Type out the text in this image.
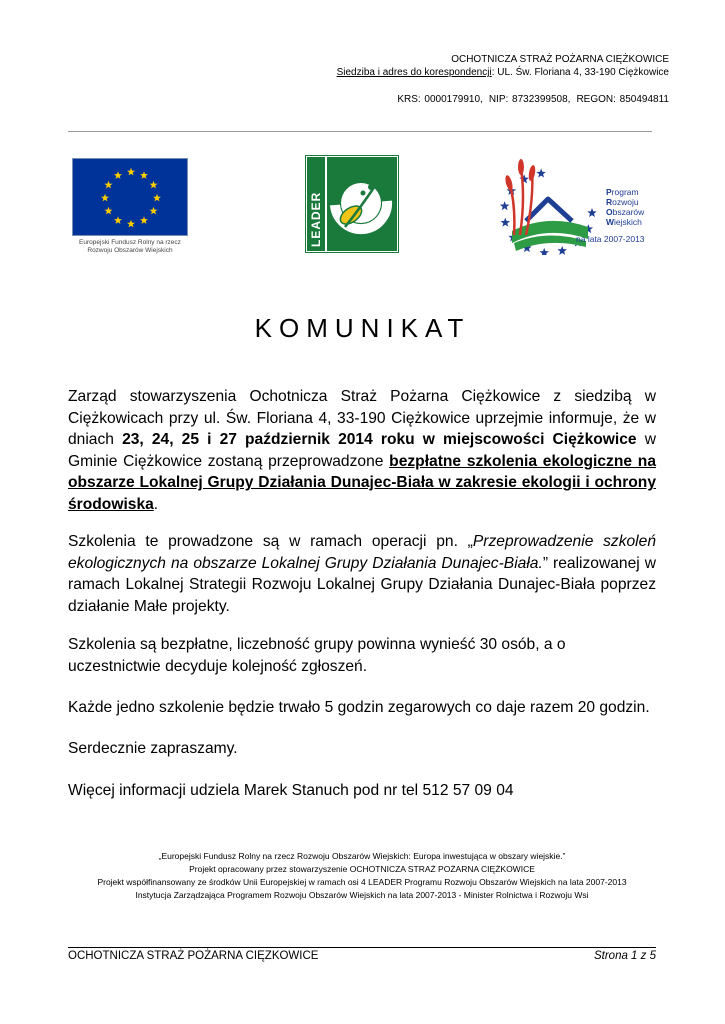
OCHOTNICZA STRAŻ POŻARNA CIĘŻKOWICE
Siedziba i adres do korespondencji: UL. Św. Floriana 4, 33-190 Ciężkowice
KRS: 0000179910, NIP: 8732399508, REGON: 850494811
Europejski Fundusz Rolny na rzecz
Rozwoju Obszarów Wiejskich
LEADER	Program
Rozwoju
Obszarów
Wiejskich
na lata 2007-2013
KOMUNIKAT
Zarząd stowarzyszenia Ochotnicza Straż Pożarna Ciężkowice z siedzibą w Ciężkowicach przy ul. Św. Floriana 4, 33-190 Ciężkowice uprzejmie informuje, że w dniach 23, 24, 25 i 27 październik 2014 roku w miejscowości Ciężkowice w Gminie Ciężkowice zostaną przeprowadzone bezpłatne szkolenia ekologiczne na obszarze Lokalnej Grupy Działania Dunajec-Biała w zakresie ekologii i ochrony środowiska.
Szkolenia te prowadzone są w ramach operacji pn. „Przeprowadzenie szkoleń ekologicznych na obszarze Lokalnej Grupy Działania Dunajec-Biała.” realizowanej w ramach Lokalnej Strategii Rozwoju Lokalnej Grupy Działania Dunajec-Biała poprzez działanie Małe projekty.
Szkolenia są bezpłatne, liczebność grupy powinna wynieść 30 osób, a o uczestnictwie decyduje kolejność zgłoszeń.
Każde jedno szkolenie będzie trwało 5 godzin zegarowych co daje razem 20 godzin.
Serdecznie zapraszamy.
Więcej informacji udziela Marek Stanuch pod nr tel 512 57 09 04
„Europejski Fundusz Rolny na rzecz Rozwoju Obszarów Wiejskich: Europa inwestująca w obszary wiejskie.”
Projekt opracowany przez stowarzyszenie OCHOTNICZA STRAŻ POŻARNA CIĘŻKOWICE
Projekt współfinansowany ze środków Unii Europejskiej w ramach osi 4 LEADER Programu Rozwoju Obszarów Wiejskich na lata 2007-2013
Instytucja Zarządzająca Programem Rozwoju Obszarów Wiejskich na lata 2007-2013 - Minister Rolnictwa i Rozwoju Wsi
OCHOTNICZA STRAŻ POŻARNA CIĘZKOWICE	Strona 1 z 5
